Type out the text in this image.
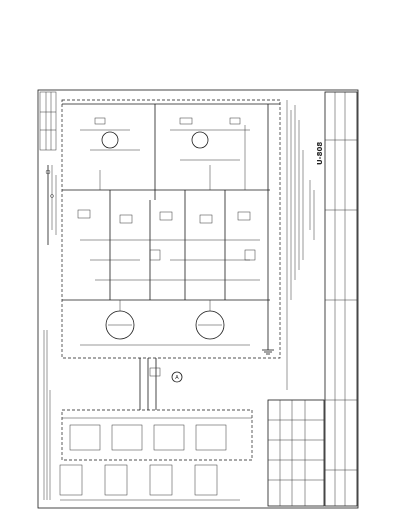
A
U-808
